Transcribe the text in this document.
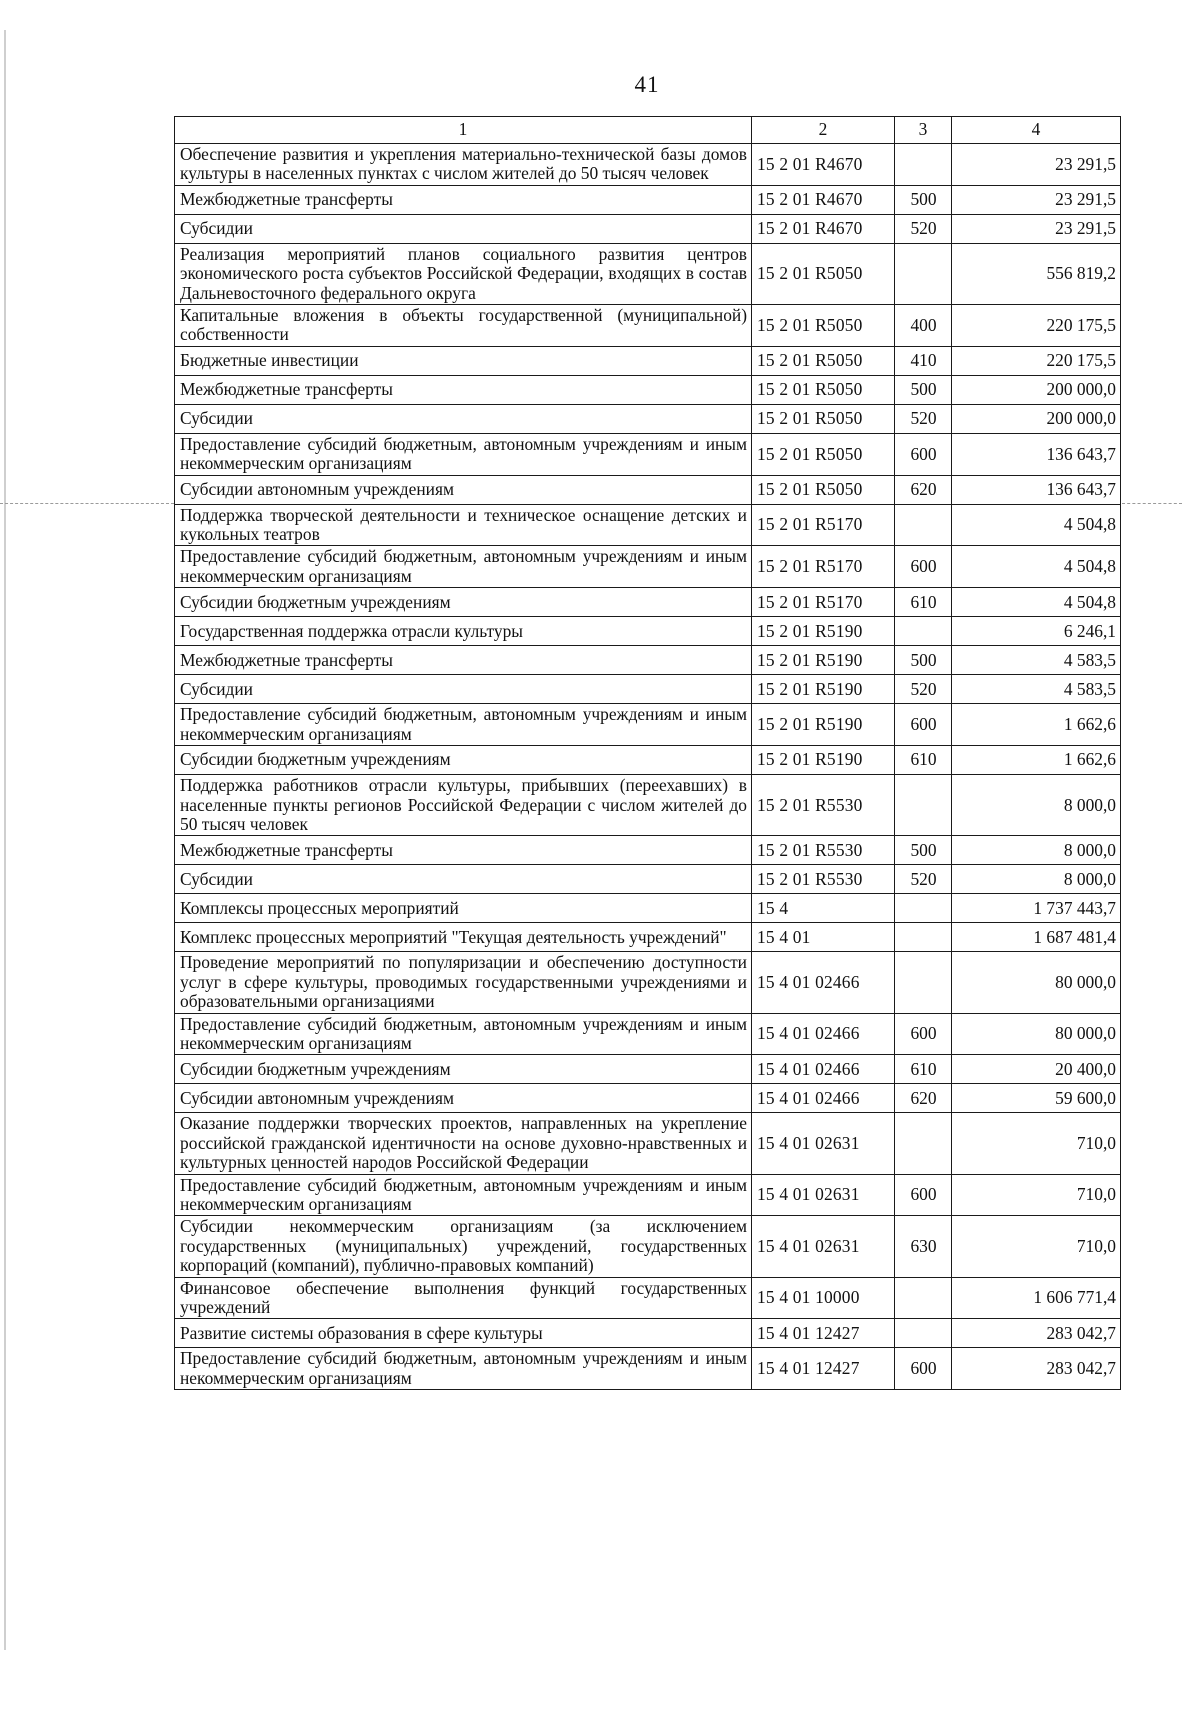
41
1	2	3	4
Обеспечение развития и укрепления материально-технической базы домов культуры в населенных пунктах с числом жителей до 50 тысяч человек	15 2 01 R4670		23 291,5
Межбюджетные трансферты	15 2 01 R4670	500	23 291,5
Субсидии	15 2 01 R4670	520	23 291,5
Реализация мероприятий планов социального развития центров экономического роста субъектов Российской Федерации, входящих в состав Дальневосточного федерального округа	15 2 01 R5050		556 819,2
Капитальные вложения в объекты государственной (муниципальной) собственности	15 2 01 R5050	400	220 175,5
Бюджетные инвестиции	15 2 01 R5050	410	220 175,5
Межбюджетные трансферты	15 2 01 R5050	500	200 000,0
Субсидии	15 2 01 R5050	520	200 000,0
Предоставление субсидий бюджетным, автономным учреждениям и иным некоммерческим организациям	15 2 01 R5050	600	136 643,7
Субсидии автономным учреждениям	15 2 01 R5050	620	136 643,7
Поддержка творческой деятельности и техническое оснащение детских и кукольных театров	15 2 01 R5170		4 504,8
Предоставление субсидий бюджетным, автономным учреждениям и иным некоммерческим организациям	15 2 01 R5170	600	4 504,8
Субсидии бюджетным учреждениям	15 2 01 R5170	610	4 504,8
Государственная поддержка отрасли культуры	15 2 01 R5190		6 246,1
Межбюджетные трансферты	15 2 01 R5190	500	4 583,5
Субсидии	15 2 01 R5190	520	4 583,5
Предоставление субсидий бюджетным, автономным учреждениям и иным некоммерческим организациям	15 2 01 R5190	600	1 662,6
Субсидии бюджетным учреждениям	15 2 01 R5190	610	1 662,6
Поддержка работников отрасли культуры, прибывших (переехавших) в населенные пункты регионов Российской Федерации с числом жителей до 50 тысяч человек	15 2 01 R5530		8 000,0
Межбюджетные трансферты	15 2 01 R5530	500	8 000,0
Субсидии	15 2 01 R5530	520	8 000,0
Комплексы процессных мероприятий	15 4		1 737 443,7
Комплекс процессных мероприятий "Текущая деятельность учреждений"	15 4 01		1 687 481,4
Проведение мероприятий по популяризации и обеспечению доступности услуг в сфере культуры, проводимых государственными учреждениями и образовательными организациями	15 4 01 02466		80 000,0
Предоставление субсидий бюджетным, автономным учреждениям и иным некоммерческим организациям	15 4 01 02466	600	80 000,0
Субсидии бюджетным учреждениям	15 4 01 02466	610	20 400,0
Субсидии автономным учреждениям	15 4 01 02466	620	59 600,0
Оказание поддержки творческих проектов, направленных на укрепление российской гражданской идентичности на основе духовно-нравственных и культурных ценностей народов Российской Федерации	15 4 01 02631		710,0
Предоставление субсидий бюджетным, автономным учреждениям и иным некоммерческим организациям	15 4 01 02631	600	710,0
Субсидии некоммерческим организациям (за исключением государственных (муниципальных) учреждений, государственных корпораций (компаний), публично-правовых компаний)	15 4 01 02631	630	710,0
Финансовое обеспечение выполнения функций государственных учреждений	15 4 01 10000		1 606 771,4
Развитие системы образования в сфере культуры	15 4 01 12427		283 042,7
Предоставление субсидий бюджетным, автономным учреждениям и иным некоммерческим организациям	15 4 01 12427	600	283 042,7
